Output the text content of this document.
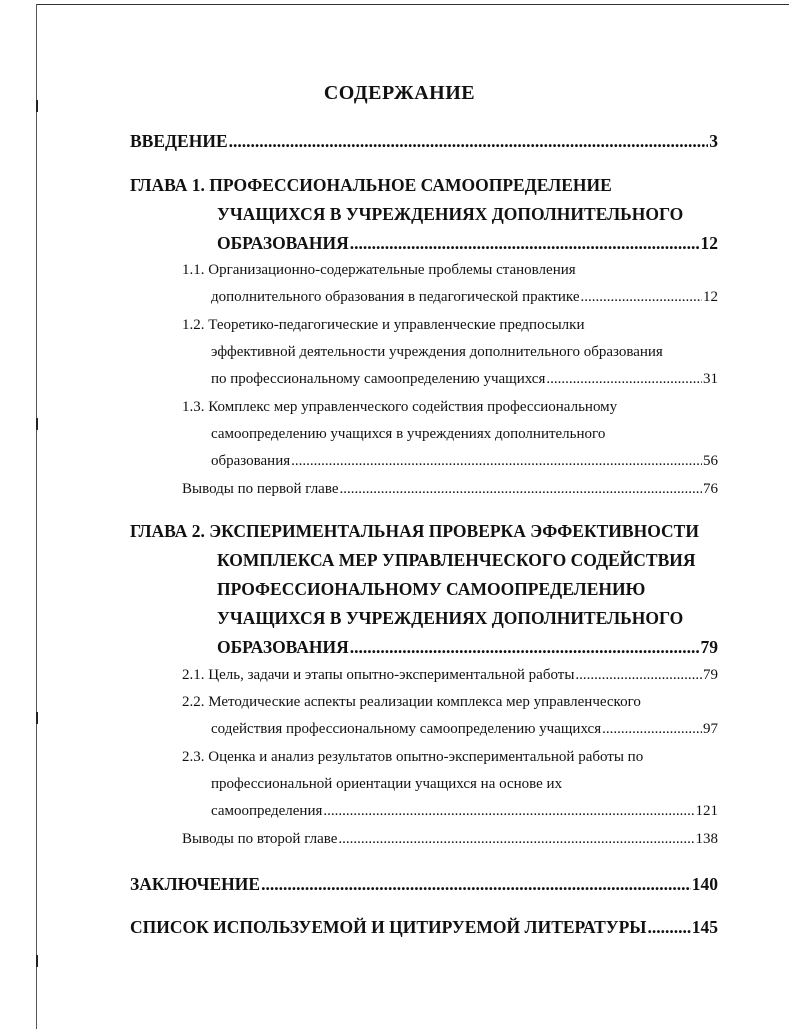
СОДЕРЖАНИЕ
ВВЕДЕНИЕ .....	3
ГЛАВА 1. ПРОФЕССИОНАЛЬНОЕ САМООПРЕДЕЛЕНИЕ
УЧАЩИХСЯ В УЧРЕЖДЕНИЯХ ДОПОЛНИТЕЛЬНОГО
ОБРАЗОВАНИЯ .....	12
1.1. Организационно-содержательные проблемы становления
дополнительного образования в педагогической практике .....	12
1.2. Теоретико-педагогические и управленческие предпосылки
эффективной деятельности учреждения дополнительного образования
по профессиональному самоопределению учащихся .....	31
1.3. Комплекс мер управленческого содействия профессиональному
самоопределению учащихся в учреждениях дополнительного
образования .....	56
Выводы по первой главе .....	76
ГЛАВА 2. ЭКСПЕРИМЕНТАЛЬНАЯ ПРОВЕРКА ЭФФЕКТИВНОСТИ
КОМПЛЕКСА МЕР УПРАВЛЕНЧЕСКОГО СОДЕЙСТВИЯ
ПРОФЕССИОНАЛЬНОМУ САМООПРЕДЕЛЕНИЮ
УЧАЩИХСЯ В УЧРЕЖДЕНИЯХ ДОПОЛНИТЕЛЬНОГО
ОБРАЗОВАНИЯ .....	79
2.1. Цель, задачи и этапы опытно-экспериментальной работы .....	79
2.2. Методические аспекты реализации комплекса мер управленческого
содействия профессиональному самоопределению учащихся .....	97
2.3. Оценка и анализ результатов опытно-экспериментальной работы по
профессиональной ориентации учащихся на основе их
самоопределения .....	121
Выводы по второй главе .....	138
ЗАКЛЮЧЕНИЕ .....	140
СПИСОК ИСПОЛЬЗУЕМОЙ И ЦИТИРУЕМОЙ ЛИТЕРАТУРЫ .....	145
